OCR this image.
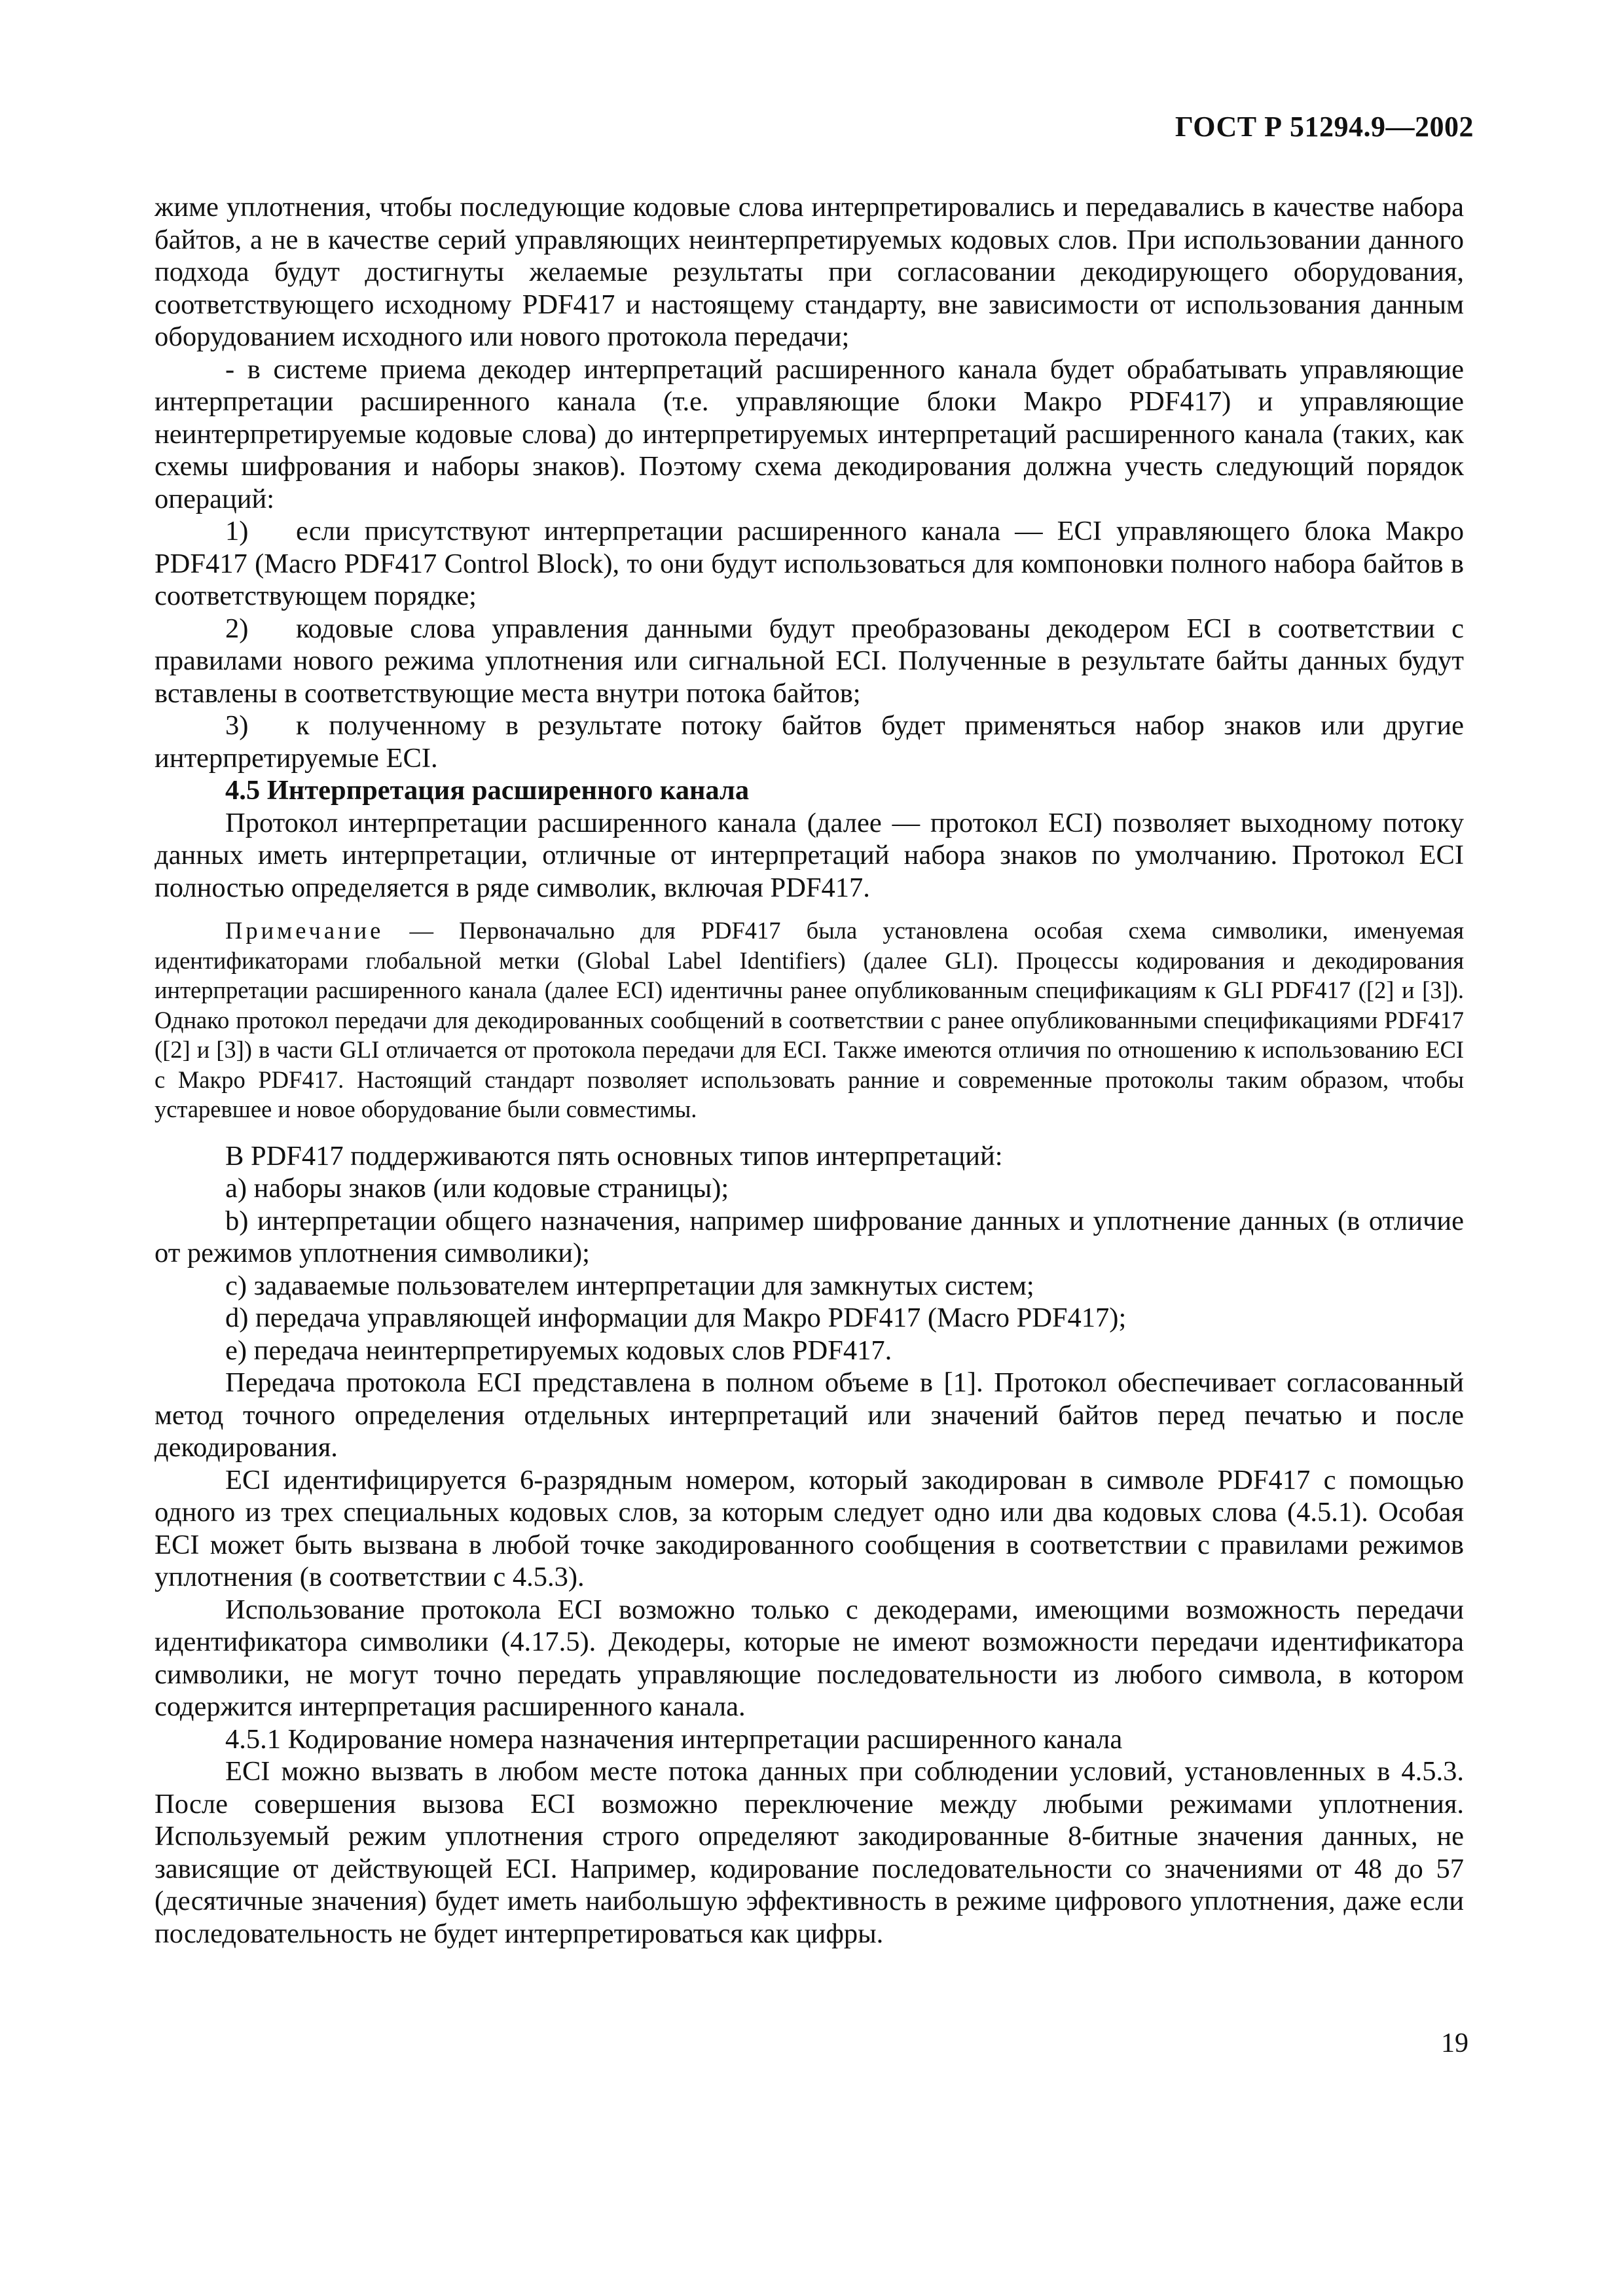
ГОСТ Р 51294.9—2002

жиме уплотнения, чтобы последующие кодовые слова интерпретировались и передавались в качестве набора байтов, а не в качестве серий управляющих неинтерпретируемых кодовых слов. При использовании данного подхода будут достигнуты желаемые результаты при согласовании декодирующего оборудования, соответствующего исходному PDF417 и настоящему стандарту, вне зависимости от использования данным оборудованием исходного или нового протокола передачи;

- в системе приема декодер интерпретаций расширенного канала будет обрабатывать управляющие интерпретации расширенного канала (т.е. управляющие блоки Макро PDF417) и управляющие неинтерпретируемые кодовые слова) до интерпретируемых интерпретаций расширенного канала (таких, как схемы шифрования и наборы знаков). Поэтому схема декодирования должна учесть следующий порядок операций:

1) если присутствуют интерпретации расширенного канала — ECI управляющего блока Макро PDF417 (Macro PDF417 Control Block), то они будут использоваться для компоновки полного набора байтов в соответствующем порядке;

2) кодовые слова управления данными будут преобразованы декодером ECI в соответствии с правилами нового режима уплотнения или сигнальной ECI. Полученные в результате байты данных будут вставлены в соответствующие места внутри потока байтов;

3) к полученному в результате потоку байтов будет применяться набор знаков или другие интерпретируемые ECI.

4.5 Интерпретация расширенного канала

Протокол интерпретации расширенного канала (далее — протокол ECI) позволяет выходному потоку данных иметь интерпретации, отличные от интерпретаций набора знаков по умолчанию. Протокол ECI полностью определяется в ряде символик, включая PDF417.

Примечание — Первоначально для PDF417 была установлена особая схема символики, именуемая идентификаторами глобальной метки (Global Label Identifiers) (далее GLI). Процессы кодирования и декодирования интерпретации расширенного канала (далее ECI) идентичны ранее опубликованным спецификациям к GLI PDF417 ([2] и [3]). Однако протокол передачи для декодированных сообщений в соответствии с ранее опубликованными спецификациями PDF417 ([2] и [3]) в части GLI отличается от протокола передачи для ECI. Также имеются отличия по отношению к использованию ECI с Макро PDF417. Настоящий стандарт позволяет использовать ранние и современные протоколы таким образом, чтобы устаревшее и новое оборудование были совместимы.

В PDF417 поддерживаются пять основных типов интерпретаций:

а) наборы знаков (или кодовые страницы);

b) интерпретации общего назначения, например шифрование данных и уплотнение данных (в отличие от режимов уплотнения символики);

c) задаваемые пользователем интерпретации для замкнутых систем;

d) передача управляющей информации для Макро PDF417 (Macro PDF417);

e) передача неинтерпретируемых кодовых слов PDF417.

Передача протокола ECI представлена в полном объеме в [1]. Протокол обеспечивает согласованный метод точного определения отдельных интерпретаций или значений байтов перед печатью и после декодирования.

ECI идентифицируется 6-разрядным номером, который закодирован в символе PDF417 с помощью одного из трех специальных кодовых слов, за которым следует одно или два кодовых слова (4.5.1). Особая ECI может быть вызвана в любой точке закодированного сообщения в соответствии с правилами режимов уплотнения (в соответствии с 4.5.3).

Использование протокола ECI возможно только с декодерами, имеющими возможность передачи идентификатора символики (4.17.5). Декодеры, которые не имеют возможности передачи идентификатора символики, не могут точно передать управляющие последовательности из любого символа, в котором содержится интерпретация расширенного канала.

4.5.1 Кодирование номера назначения интерпретации расширенного канала

ECI можно вызвать в любом месте потока данных при соблюдении условий, установленных в 4.5.3. После совершения вызова ECI возможно переключение между любыми режимами уплотнения. Используемый режим уплотнения строго определяют закодированные 8-битные значения данных, не зависящие от действующей ECI. Например, кодирование последовательности со значениями от 48 до 57 (десятичные значения) будет иметь наибольшую эффективность в режиме цифрового уплотнения, даже если последовательность не будет интерпретироваться как цифры.

19
